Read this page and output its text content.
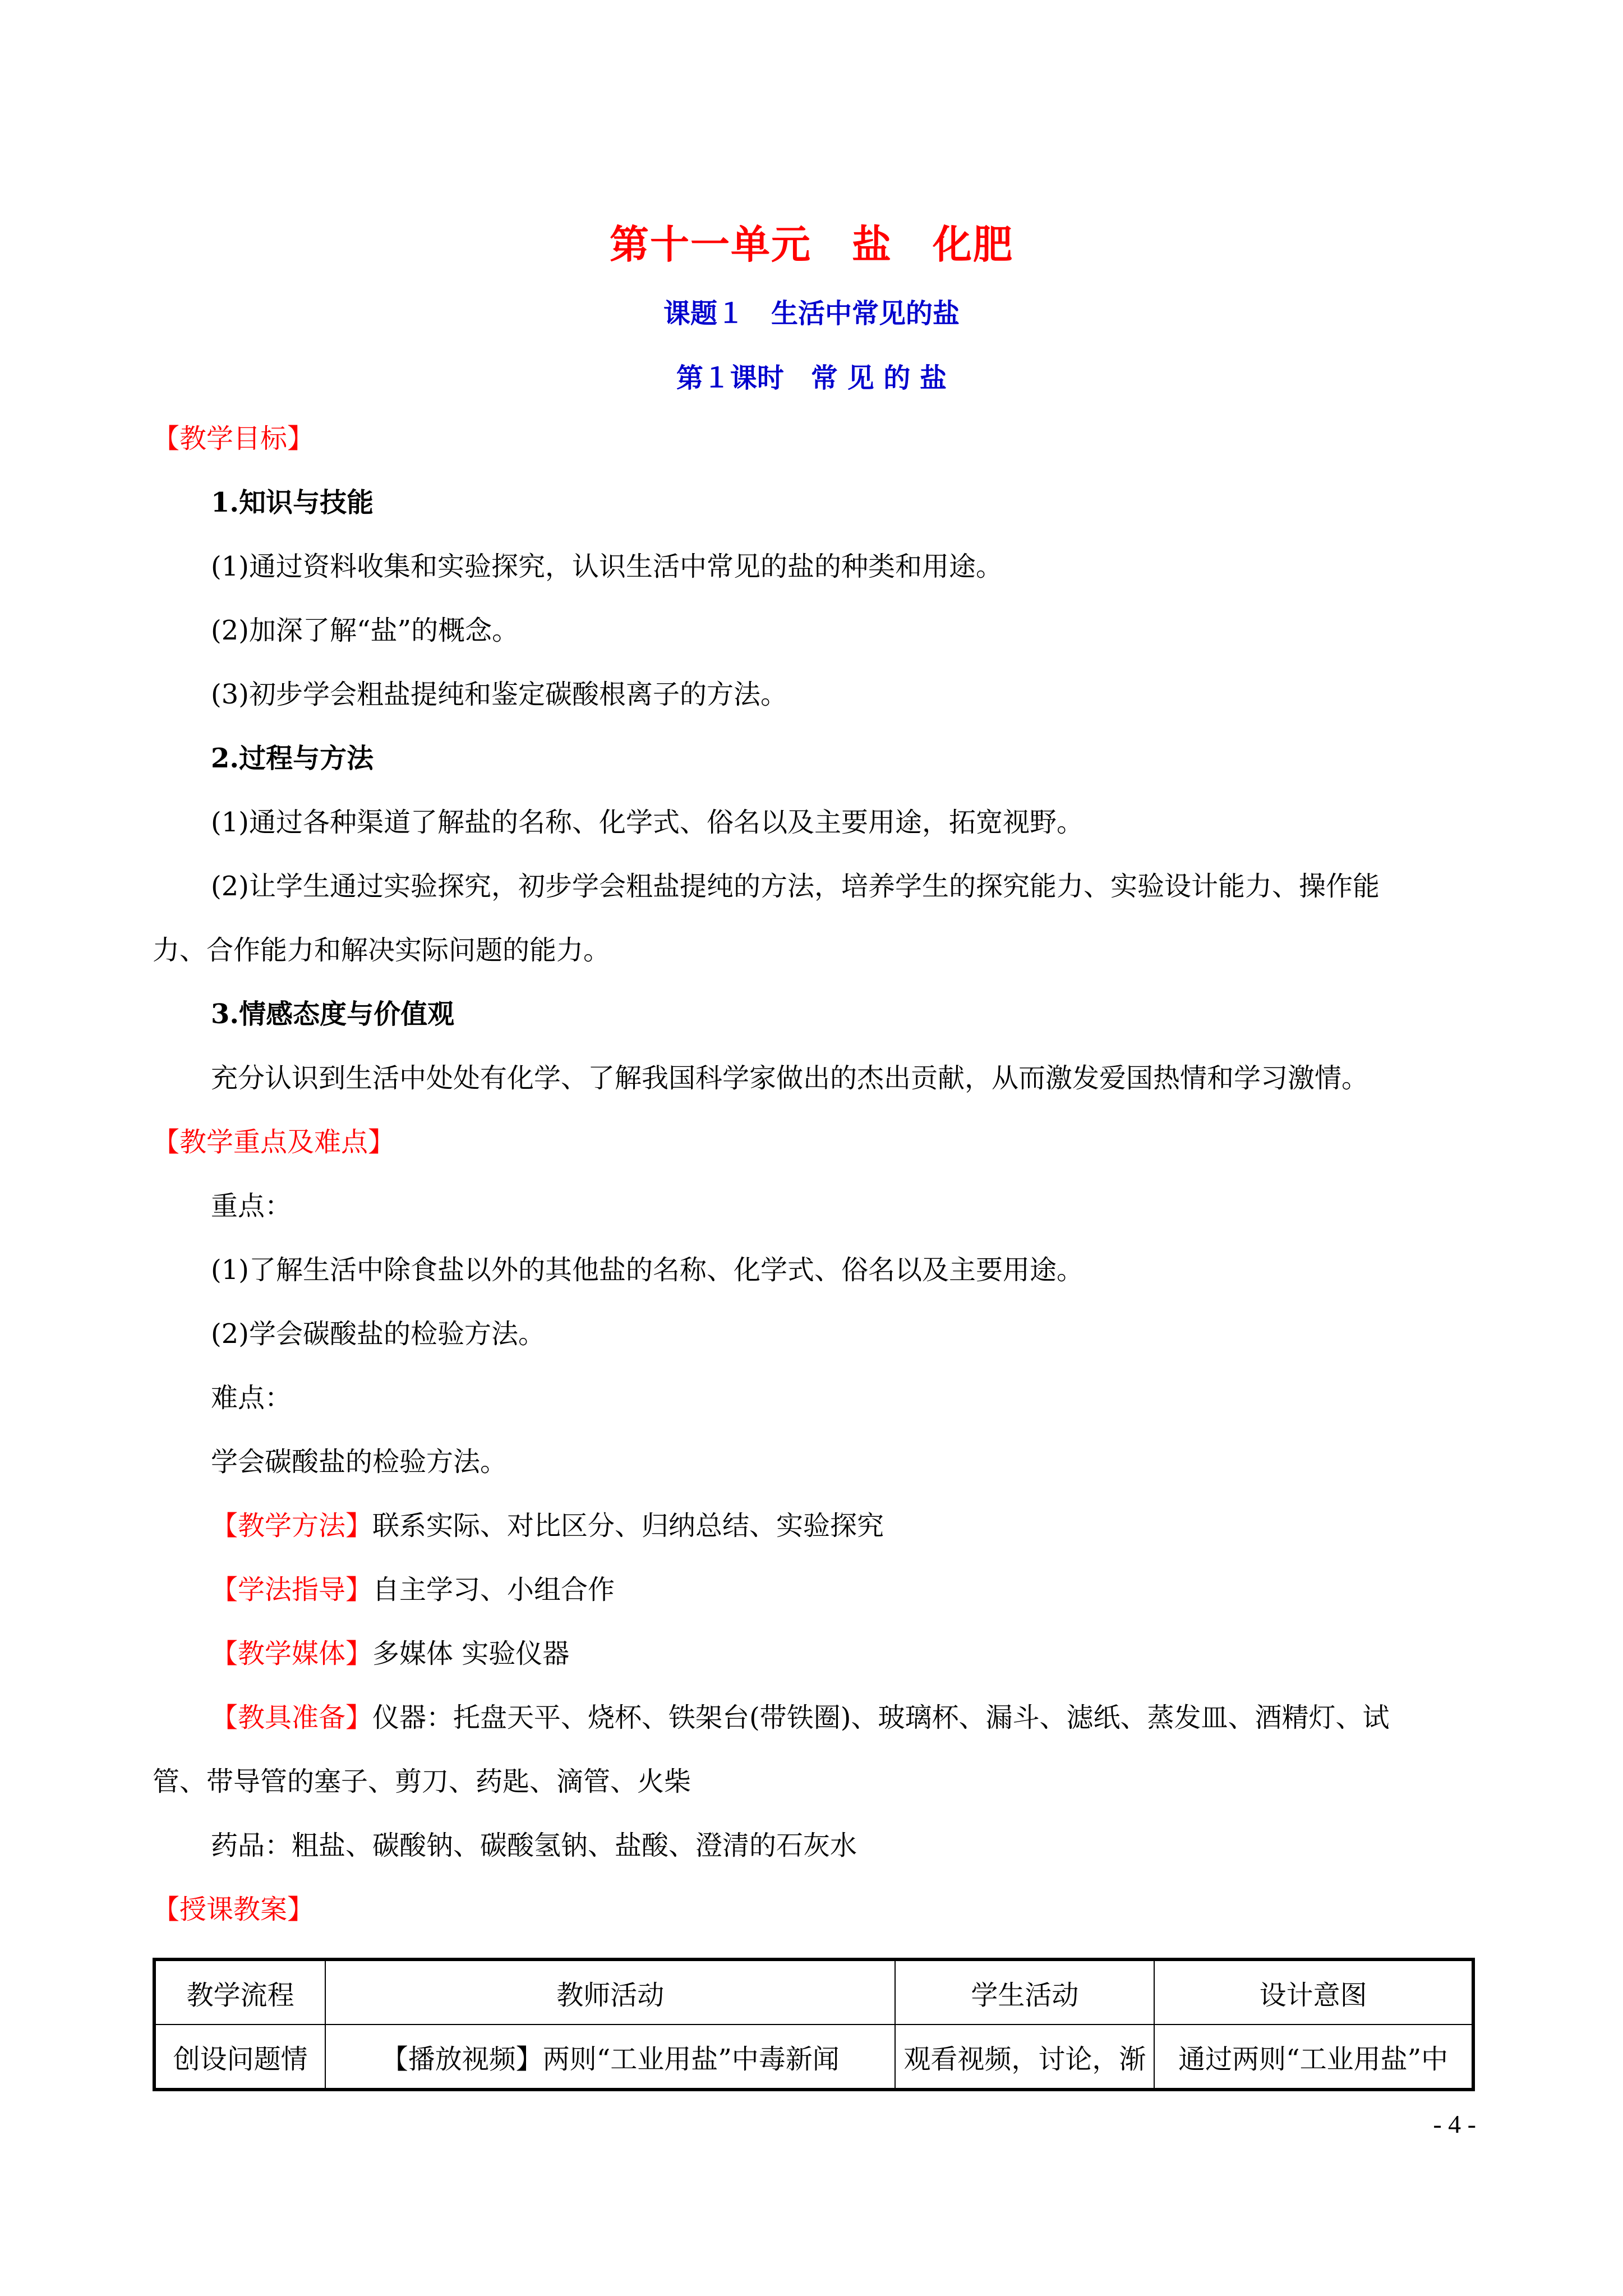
第十一单元　盐　化肥
课题１　生活中常见的盐
第１课时　常 见 的 盐
【教学目标】
1.知识与技能
(1)通过资料收集和实验探究，认识生活中常见的盐的种类和用途。
(2)加深了解“盐”的概念。
(3)初步学会粗盐提纯和鉴定碳酸根离子的方法。
2.过程与方法
(1)通过各种渠道了解盐的名称、化学式、俗名以及主要用途，拓宽视野。
(2)让学生通过实验探究，初步学会粗盐提纯的方法，培养学生的探究能力、实验设计能力、操作能
力、合作能力和解决实际问题的能力。
3.情感态度与价值观
充分认识到生活中处处有化学、了解我国科学家做出的杰出贡献，从而激发爱国热情和学习激情。
【教学重点及难点】
重点：
(1)了解生活中除食盐以外的其他盐的名称、化学式、俗名以及主要用途。
(2)学会碳酸盐的检验方法。
难点：
学会碳酸盐的检验方法。
【教学方法】联系实际、对比区分、归纳总结、实验探究
【学法指导】自主学习、小组合作
【教学媒体】多媒体 实验仪器
【教具准备】仪器：托盘天平、烧杯、铁架台(带铁圈)、玻璃杯、漏斗、滤纸、蒸发皿、酒精灯、试
管、带导管的塞子、剪刀、药匙、滴管、火柴
药品：粗盐、碳酸钠、碳酸氢钠、盐酸、澄清的石灰水
【授课教案】
教学流程	教师活动	学生活动	设计意图
创设问题情	【播放视频】两则“工业用盐”中毒新闻	观看视频，讨论，渐	通过两则“工业用盐”中
- 4 -
